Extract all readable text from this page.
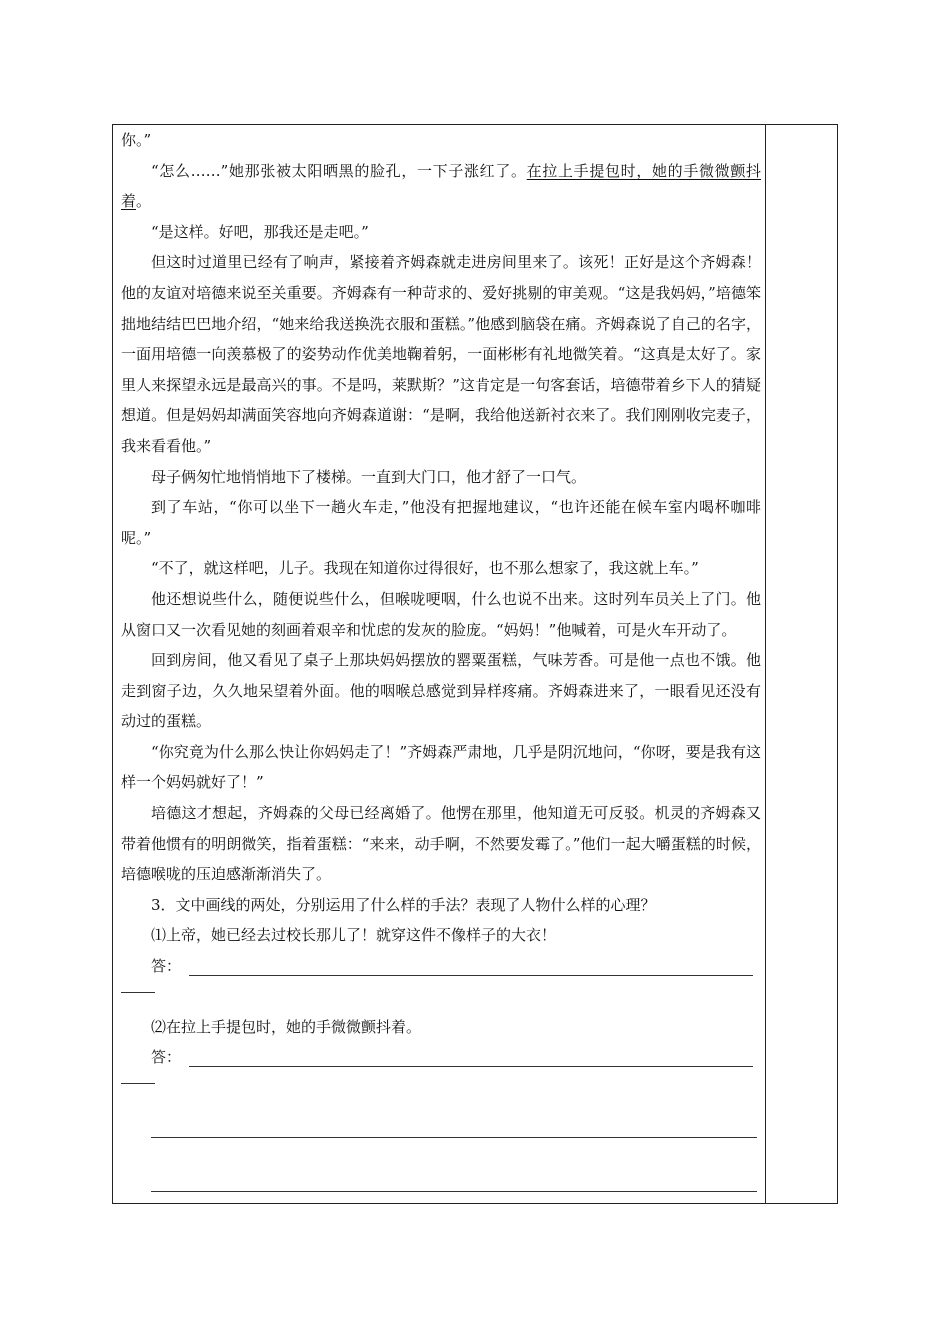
你。”

“怎么……”她那张被太阳晒黑的脸孔，一下子涨红了。在拉上手提包时，她的手微微颤抖着。

“是这样。好吧，那我还是走吧。”

但这时过道里已经有了响声，紧接着齐姆森就走进房间里来了。该死！正好是这个齐姆森！他的友谊对培德来说至关重要。齐姆森有一种苛求的、爱好挑剔的审美观。“这是我妈妈，”培德笨拙地结结巴巴地介绍，“她来给我送换洗衣服和蛋糕。”他感到脑袋在痛。齐姆森说了自己的名字，一面用培德一向羡慕极了的姿势动作优美地鞠着躬，一面彬彬有礼地微笑着。“这真是太好了。家里人来探望永远是最高兴的事。不是吗，莱默斯？”这肯定是一句客套话，培德带着乡下人的猜疑想道。但是妈妈却满面笑容地向齐姆森道谢：“是啊，我给他送新衬衣来了。我们刚刚收完麦子，我来看看他。”

母子俩匆忙地悄悄地下了楼梯。一直到大门口，他才舒了一口气。

到了车站，“你可以坐下一趟火车走，”他没有把握地建议，“也许还能在候车室内喝杯咖啡呢。”

“不了，就这样吧，儿子。我现在知道你过得很好，也不那么想家了，我这就上车。”

他还想说些什么，随便说些什么，但喉咙哽咽，什么也说不出来。这时列车员关上了门。他从窗口又一次看见她的刻画着艰辛和忧虑的发灰的脸庞。“妈妈！”他喊着，可是火车开动了。

回到房间，他又看见了桌子上那块妈妈摆放的罂粟蛋糕，气味芳香。可是他一点也不饿。他走到窗子边，久久地呆望着外面。他的咽喉总感觉到异样疼痛。齐姆森进来了，一眼看见还没有动过的蛋糕。

“你究竟为什么那么快让你妈妈走了！”齐姆森严肃地，几乎是阴沉地问，“你呀，要是我有这样一个妈妈就好了！”

培德这才想起，齐姆森的父母已经离婚了。他愣在那里，他知道无可反驳。机灵的齐姆森又带着他惯有的明朗微笑，指着蛋糕：“来来，动手啊，不然要发霉了。”他们一起大嚼蛋糕的时候，培德喉咙的压迫感渐渐消失了。

3．文中画线的两处，分别运用了什么样的手法？表现了人物什么样的心理？

⑴上帝，她已经去过校长那儿了！就穿这件不像样子的大衣！

答：

⑵在拉上手提包时，她的手微微颤抖着。

答：
